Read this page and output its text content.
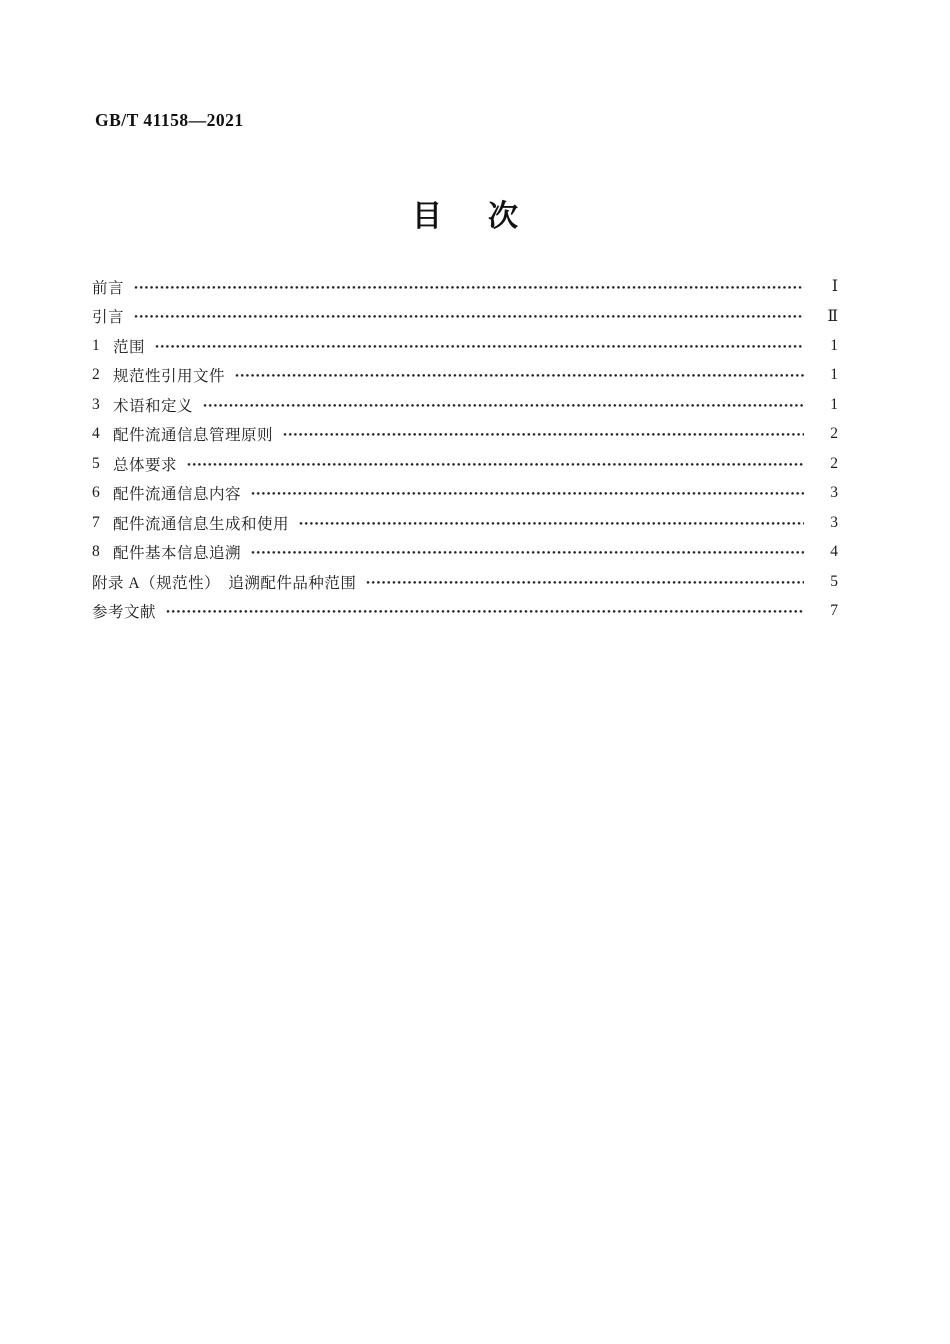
GB/T 41158—2021
目　次
前言	Ⅰ
引言	Ⅱ
1 范围	1
2 规范性引用文件	1
3 术语和定义	1
4 配件流通信息管理原则	2
5 总体要求	2
6 配件流通信息内容	3
7 配件流通信息生成和使用	3
8 配件基本信息追溯	4
附录 A（规范性）　追溯配件品种范围	5
参考文献	7
